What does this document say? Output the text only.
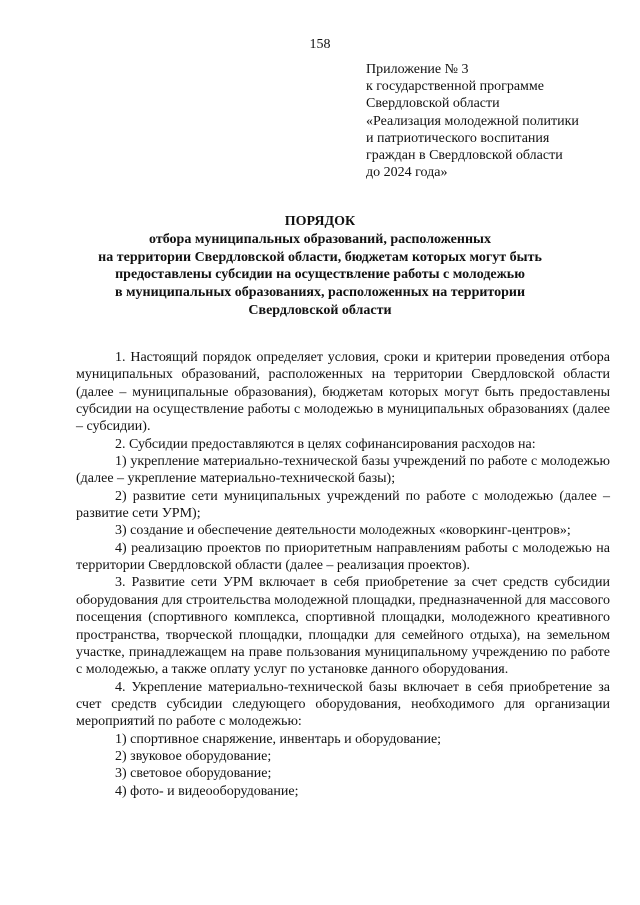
158
Приложение № 3
к государственной программе
Свердловской области
«Реализация молодежной политики
и патриотического воспитания
граждан в Свердловской области
до 2024 года»
ПОРЯДОК
отбора муниципальных образований, расположенных
на территории Свердловской области, бюджетам которых могут быть
предоставлены субсидии на осуществление работы с молодежью
в муниципальных образованиях, расположенных на территории
Свердловской области

1. Настоящий порядок определяет условия, сроки и критерии проведения отбора муниципальных образований, расположенных на территории Свердловской области (далее – муниципальные образования), бюджетам которых могут быть предоставлены субсидии на осуществление работы с молодежью в муниципальных образованиях (далее – субсидии).

2. Субсидии предоставляются в целях софинансирования расходов на:

1) укрепление материально-технической базы учреждений по работе с молодежью (далее – укрепление материально-технической базы);

2) развитие сети муниципальных учреждений по работе с молодежью (далее – развитие сети УРМ);

3) создание и обеспечение деятельности молодежных «коворкинг-центров»;

4) реализацию проектов по приоритетным направлениям работы с молодежью на территории Свердловской области (далее – реализация проектов).

3. Развитие сети УРМ включает в себя приобретение за счет средств субсидии оборудования для строительства молодежной площадки, предназначенной для массового посещения (спортивного комплекса, спортивной площадки, молодежного креативного пространства, творческой площадки, площадки для семейного отдыха), на земельном участке, принадлежащем на праве пользования муниципальному учреждению по работе с молодежью, а также оплату услуг по установке данного оборудования.

4. Укрепление материально-технической базы включает в себя приобретение за счет средств субсидии следующего оборудования, необходимого для организации мероприятий по работе с молодежью:

1) спортивное снаряжение, инвентарь и оборудование;

2) звуковое оборудование;

3) световое оборудование;

4) фото- и видеооборудование;
